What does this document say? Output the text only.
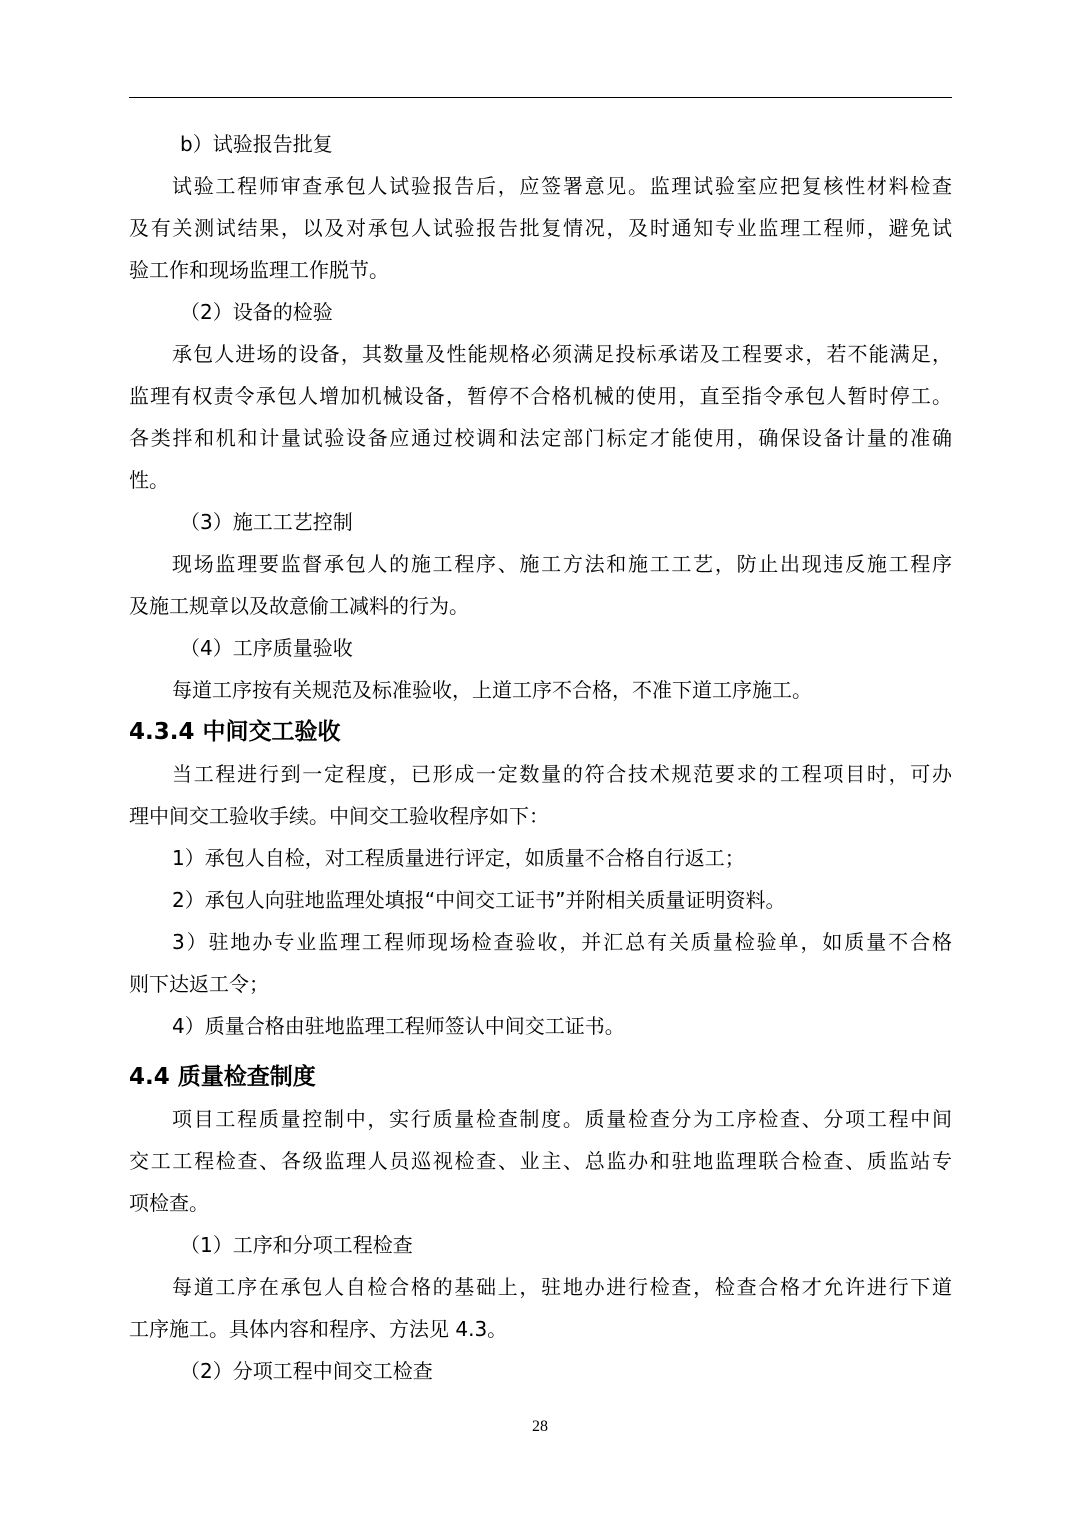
b）试验报告批复
试验工程师审查承包人试验报告后，应签署意见。监理试验室应把复核性材料检查
及有关测试结果，以及对承包人试验报告批复情况，及时通知专业监理工程师，避免试
验工作和现场监理工作脱节。
（2）设备的检验
承包人进场的设备，其数量及性能规格必须满足投标承诺及工程要求，若不能满足，
监理有权责令承包人增加机械设备，暂停不合格机械的使用，直至指令承包人暂时停工。
各类拌和机和计量试验设备应通过校调和法定部门标定才能使用，确保设备计量的准确
性。
（3）施工工艺控制
现场监理要监督承包人的施工程序、施工方法和施工工艺，防止出现违反施工程序
及施工规章以及故意偷工减料的行为。
（4）工序质量验收
每道工序按有关规范及标准验收，上道工序不合格，不准下道工序施工。
4.3.4 中间交工验收
当工程进行到一定程度，已形成一定数量的符合技术规范要求的工程项目时，可办
理中间交工验收手续。中间交工验收程序如下：
1）承包人自检，对工程质量进行评定，如质量不合格自行返工；
2）承包人向驻地监理处填报“中间交工证书”并附相关质量证明资料。
3）驻地办专业监理工程师现场检查验收，并汇总有关质量检验单，如质量不合格
则下达返工令；
4）质量合格由驻地监理工程师签认中间交工证书。
4.4 质量检查制度
项目工程质量控制中，实行质量检查制度。质量检查分为工序检查、分项工程中间
交工工程检查、各级监理人员巡视检查、业主、总监办和驻地监理联合检查、质监站专
项检查。
（1）工序和分项工程检查
每道工序在承包人自检合格的基础上，驻地办进行检查，检查合格才允许进行下道
工序施工。具体内容和程序、方法见 4.3。
（2）分项工程中间交工检查
28
